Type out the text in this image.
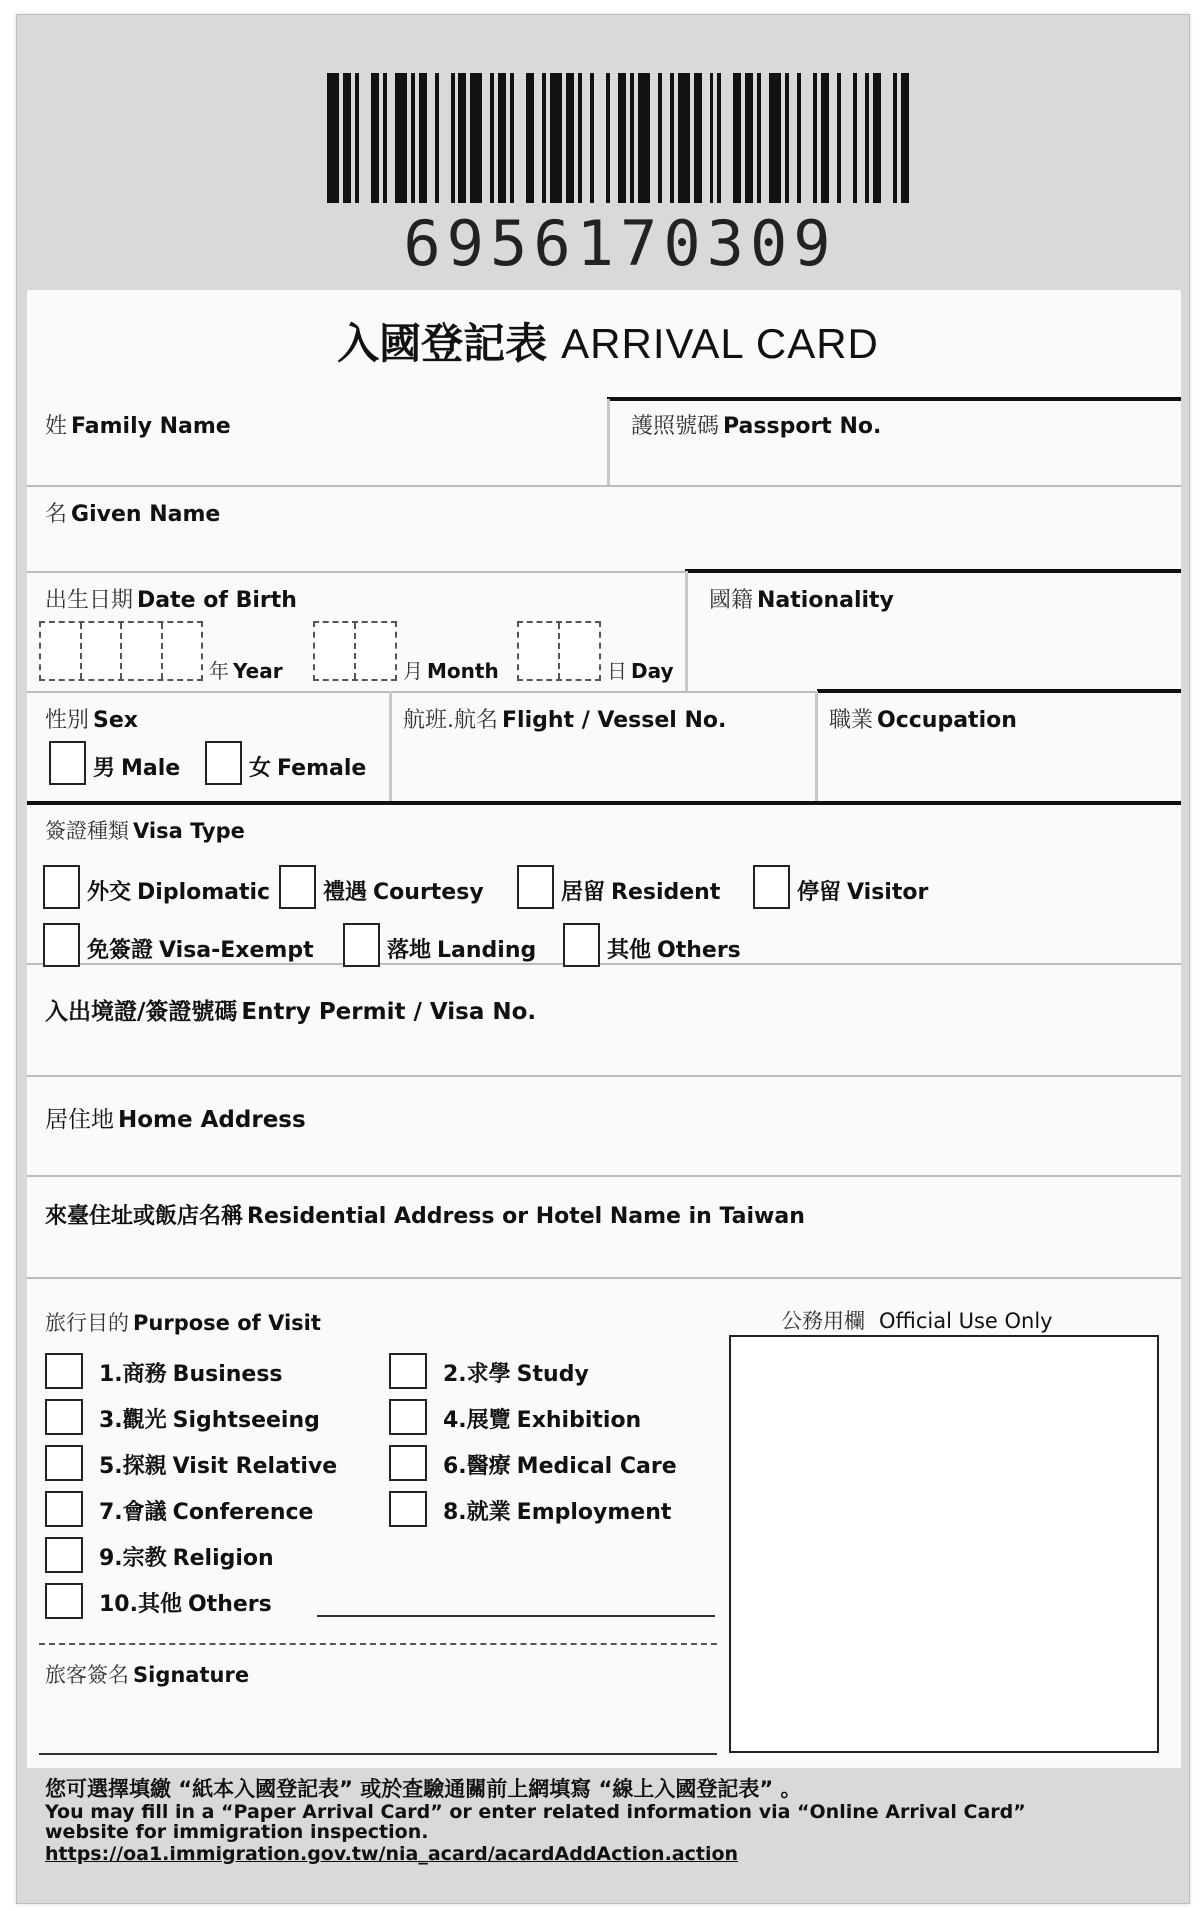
6956170309
入國登記表 ARRIVAL CARD
姓 Family Name	護照號碼 Passport No.
名 Given Name
出生日期 Date of Birth
年 Year	月 Month	日 Day
國籍 Nationality
性別 Sex
男 Male	女 Female
航班.航名 Flight / Vessel No.	職業 Occupation
簽證種類 Visa Type
外交 Diplomatic 禮遇 Courtesy	居留 Resident	停留 Visitor
免簽證 Visa-Exempt	落地 Landing	其他 Others
入出境證/簽證號碼 Entry Permit / Visa No.
居住地 Home Address
來臺住址或飯店名稱 Residential Address or Hotel Name in Taiwan
旅行目的 Purpose of Visit
1.商務 Business	2.求學 Study
3.觀光 Sightseeing	4.展覽 Exhibition
5.探親 Visit Relative	6.醫療 Medical Care
7.會議 Conference	8.就業 Employment
9.宗教 Religion
10.其他 Others
公務用欄 Official Use Only
旅客簽名 Signature
您可選擇填繳 “紙本入國登記表” 或於查驗通關前上網填寫 “線上入國登記表” 。
You may fill in a “Paper Arrival Card” or enter related information via “Online Arrival Card”
website for immigration inspection.
https://oa1.immigration.gov.tw/nia_acard/acardAddAction.action
